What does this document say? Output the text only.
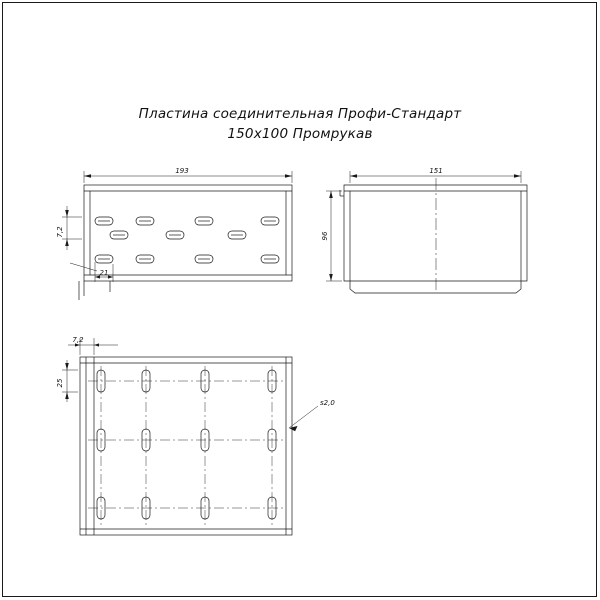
Пластина соединительная Профи-Стандарт
150х100 Промрукав
193
7,2
21
151
96
7,2
25
s2,0
